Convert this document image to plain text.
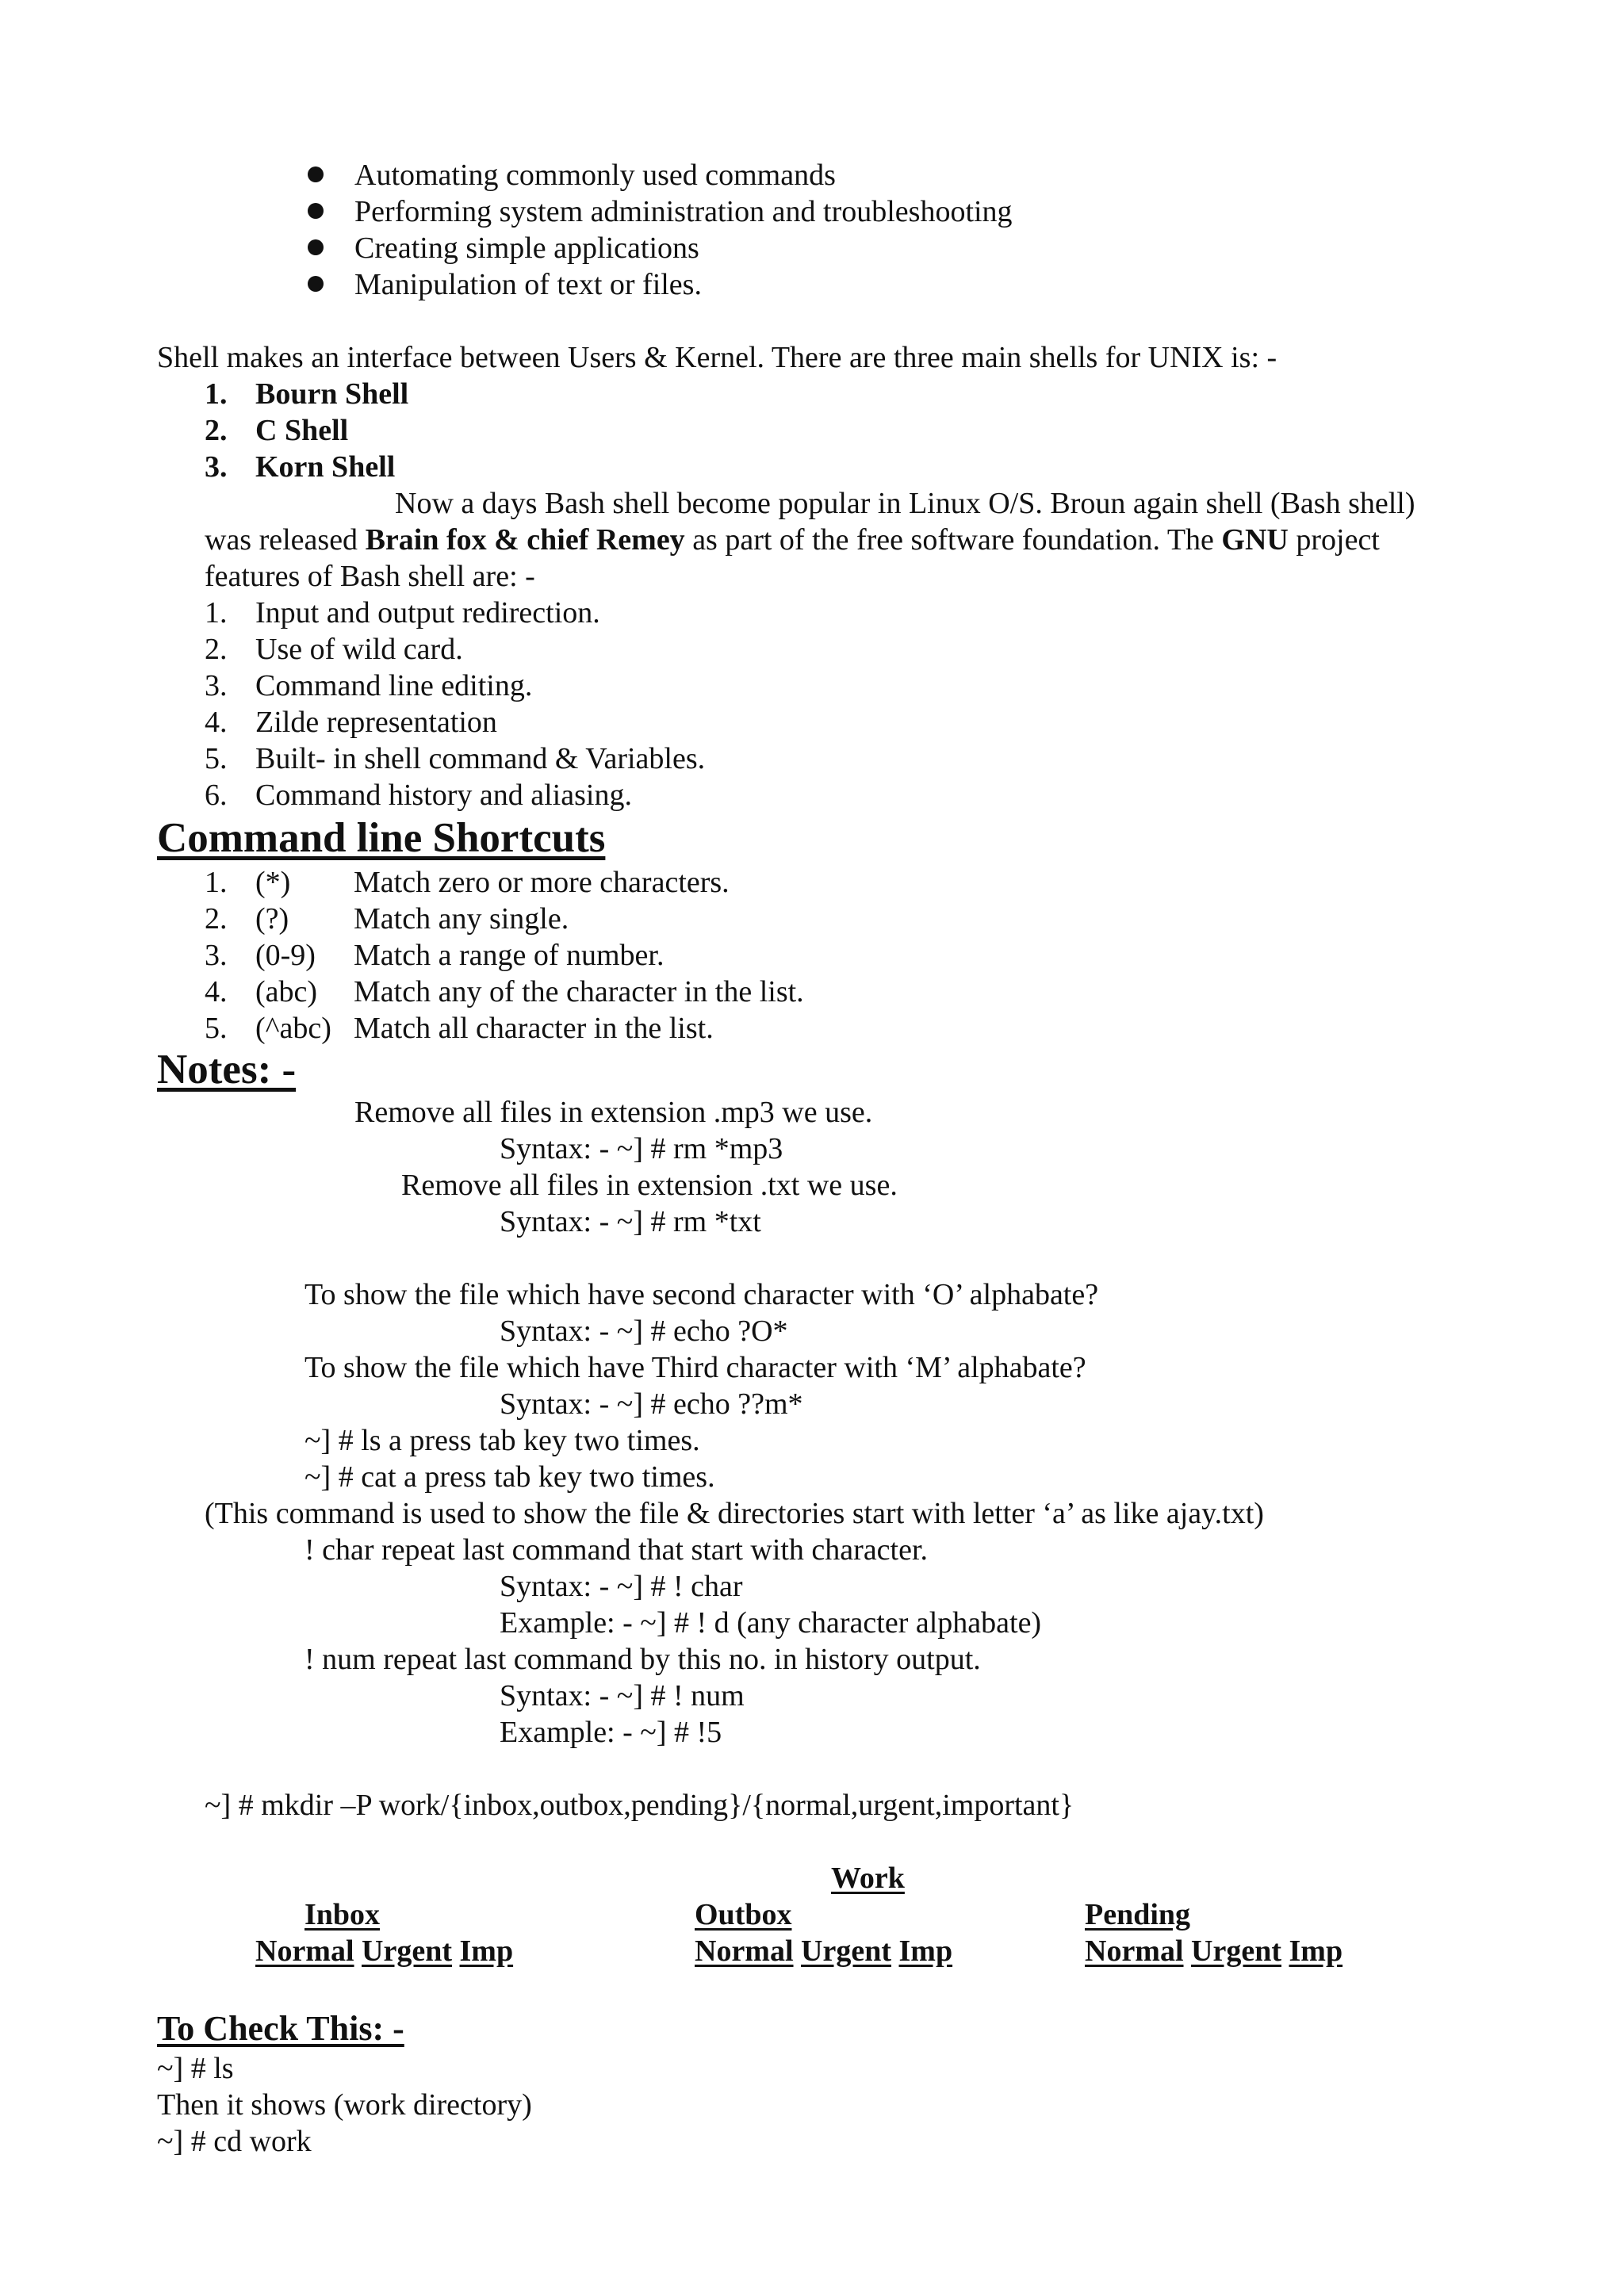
Automating commonly used commands
Performing system administration and troubleshooting
Creating simple applications
Manipulation of text or files.
Shell makes an interface between Users & Kernel. There are three main shells for UNIX is: -
1. Bourn Shell
2. C Shell
3. Korn Shell
Now a days Bash shell become popular in Linux O/S. Broun again shell (Bash shell)
was released Brain fox & chief Remey as part of the free software foundation. The GNU project
features of Bash shell are: -
1. Input and output redirection.
2. Use of wild card.
3. Command line editing.
4. Zilde representation
5. Built- in shell command & Variables.
6. Command history and aliasing.
Command line Shortcuts
1. (*) Match zero or more characters.
2. (?) Match any single.
3. (0-9) Match a range of number.
4. (abc) Match any of the character in the list.
5. (^abc) Match all character in the list.
Notes: -
Remove all files in extension .mp3 we use.
Syntax: - ~] # rm *mp3
Remove all files in extension .txt we use.
Syntax: - ~] # rm *txt
To show the file which have second character with ‘O’ alphabate?
Syntax: - ~] # echo ?O*
To show the file which have Third character with ‘M’ alphabate?
Syntax: - ~] # echo ??m*
~] # ls a press tab key two times.
~] # cat a press tab key two times.
(This command is used to show the file & directories start with letter ‘a’ as like ajay.txt)
! char repeat last command that start with character.
Syntax: - ~] # ! char
Example: - ~] # ! d (any character alphabate)
! num repeat last command by this no. in history output.
Syntax: - ~] # ! num
Example: - ~] # !5
~] # mkdir –P work/{inbox,outbox,pending}/{normal,urgent,important}
Work
Inbox	Outbox	Pending
Normal Urgent Imp	Normal Urgent Imp	Normal Urgent Imp
To Check This: -
~] # ls
Then it shows (work directory)
~] # cd work
